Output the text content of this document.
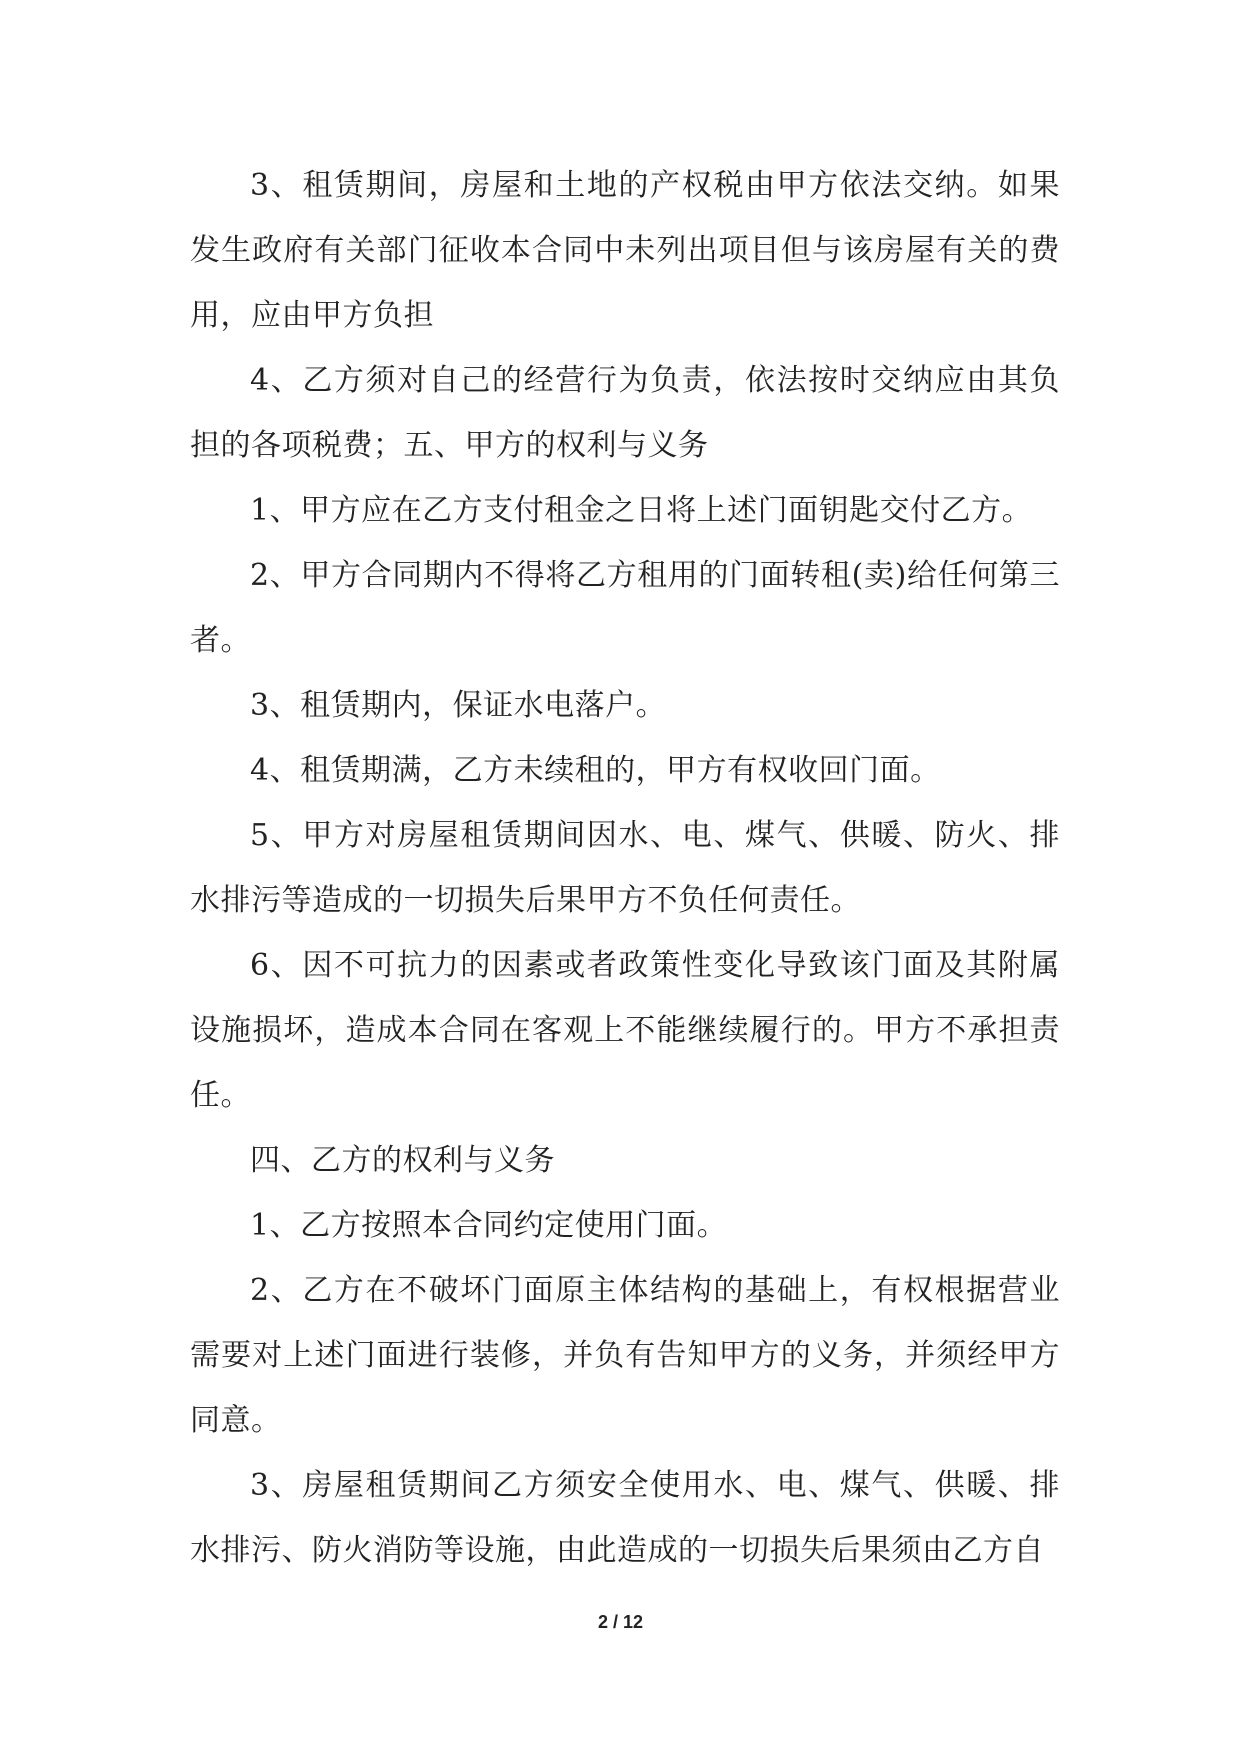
3、租赁期间，房屋和土地的产权税由甲方依法交纳。如果发生政府有关部门征收本合同中未列出项目但与该房屋有关的费用，应由甲方负担

4、乙方须对自己的经营行为负责，依法按时交纳应由其负担的各项税费；五、甲方的权利与义务

1、甲方应在乙方支付租金之日将上述门面钥匙交付乙方。

2、甲方合同期内不得将乙方租用的门面转租(卖)给任何第三者。

3、租赁期内，保证水电落户。

4、租赁期满，乙方未续租的，甲方有权收回门面。

5、甲方对房屋租赁期间因水、电、煤气、供暖、防火、排水排污等造成的一切损失后果甲方不负任何责任。

6、因不可抗力的因素或者政策性变化导致该门面及其附属设施损坏，造成本合同在客观上不能继续履行的。甲方不承担责任。

四、乙方的权利与义务

1、乙方按照本合同约定使用门面。

2、乙方在不破坏门面原主体结构的基础上，有权根据营业需要对上述门面进行装修，并负有告知甲方的义务，并须经甲方同意。

3、房屋租赁期间乙方须安全使用水、电、煤气、供暖、排水排污、防火消防等设施，由此造成的一切损失后果须由乙方自

2 / 12
